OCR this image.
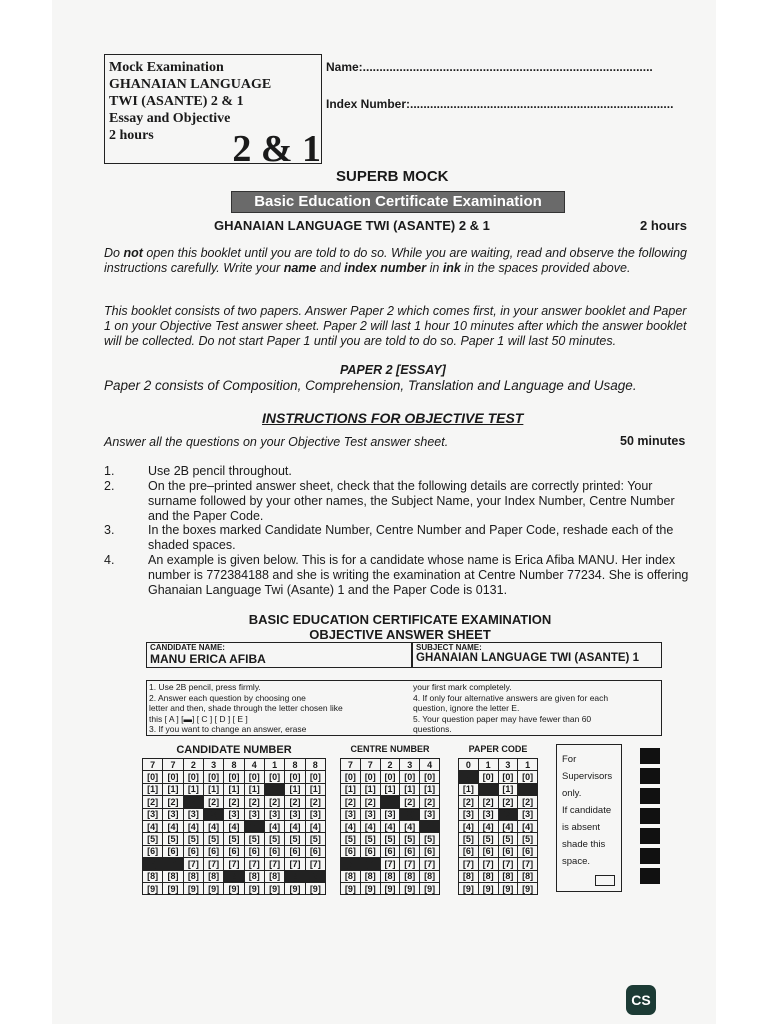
Mock Examination
GHANAIAN LANGUAGE
TWI (ASANTE) 2 & 1
Essay and Objective
2 hours	2 & 1
Name:.......................................................................................
Index Number:...............................................................................
SUPERB MOCK
Basic Education Certificate Examination
GHANAIAN LANGUAGE TWI (ASANTE) 2 & 1	2 hours
Do not open this booklet until you are told to do so. While you are waiting, read and observe the following instructions carefully. Write your name and index number in ink in the spaces provided above.
This booklet consists of two papers. Answer Paper 2 which comes first, in your answer booklet and Paper 1 on your Objective Test answer sheet. Paper 2 will last 1 hour 10 minutes after which the answer booklet will be collected. Do not start Paper 1 until you are told to do so. Paper 1 will last 50 minutes.
PAPER 2 [ESSAY]
Paper 2 consists of Composition, Comprehension, Translation and Language and Usage.
INSTRUCTIONS FOR OBJECTIVE TEST
Answer all the questions on your Objective Test answer sheet.	50 minutes
1.	Use 2B pencil throughout.
2.	On the pre–printed answer sheet, check that the following details are correctly printed: Your surname followed by your other names, the Subject Name, your Index Number, Centre Number and the Paper Code.
3.	In the boxes marked Candidate Number, Centre Number and Paper Code, reshade each of the shaded spaces.
4.	An example is given below. This is for a candidate whose name is Erica Afiba MANU. Her index number is 772384188 and she is writing the examination at Centre Number 77234. She is offering Ghanaian Language Twi (Asante) 1 and the Paper Code is 0131.
BASIC EDUCATION CERTIFICATE EXAMINATION
OBJECTIVE ANSWER SHEET
CANDIDATE NAME:
MANU ERICA AFIBA
SUBJECT NAME:
GHANAIAN LANGUAGE TWI (ASANTE) 1
1. Use 2B pencil, press firmly.
2. Answer each question by choosing one
letter and then, shade through the letter chosen like
this [ A ] [▬] [ C ] [ D ] [ E ]
3. If you want to change an answer, erase
your first mark completely.
4. If only four alternative answers are given for each
question, ignore the letter E.
5. Your question paper may have fewer than 60
questions.
CANDIDATE NUMBER
7	7	2	3	8	4	1	8	8
[0]	[0]	[0]	[0]	[0]	[0]	[0]	[0]	[0]
[1]	[1]	[1]	[1]	[1]	[1]	[1]	[1]	[1]
[2]	[2]	[2]	[2]	[2]	[2]	[2]	[2]	[2]
[3]	[3]	[3]	[3]	[3]	[3]	[3]	[3]	[3]
[4]	[4]	[4]	[4]	[4]	[4]	[4]	[4]	[4]
[5]	[5]	[5]	[5]	[5]	[5]	[5]	[5]	[5]
[6]	[6]	[6]	[6]	[6]	[6]	[6]	[6]	[6]
[7]	[7]	[7]	[7]	[7]	[7]	[7]	[7]	[7]
[8]	[8]	[8]	[8]	[8]	[8]	[8]	[8]	[8]
[9]	[9]	[9]	[9]	[9]	[9]	[9]	[9]	[9]
CENTRE NUMBER
7	7	2	3	4
[0]	[0]	[0]	[0]	[0]
[1]	[1]	[1]	[1]	[1]
[2]	[2]	[2]	[2]	[2]
[3]	[3]	[3]	[3]	[3]
[4]	[4]	[4]	[4]	[4]
[5]	[5]	[5]	[5]	[5]
[6]	[6]	[6]	[6]	[6]
[7]	[7]	[7]	[7]	[7]
[8]	[8]	[8]	[8]	[8]
[9]	[9]	[9]	[9]	[9]
PAPER CODE
0	1	3	1
[0]	[0]	[0]	[0]
[1]	[1]	[1]	[1]
[2]	[2]	[2]	[2]
[3]	[3]	[3]	[3]
[4]	[4]	[4]	[4]
[5]	[5]	[5]	[5]
[6]	[6]	[6]	[6]
[7]	[7]	[7]	[7]
[8]	[8]	[8]	[8]
[9]	[9]	[9]	[9]
For
Supervisors
only.
If candidate
is absent
shade this
space.
CS
